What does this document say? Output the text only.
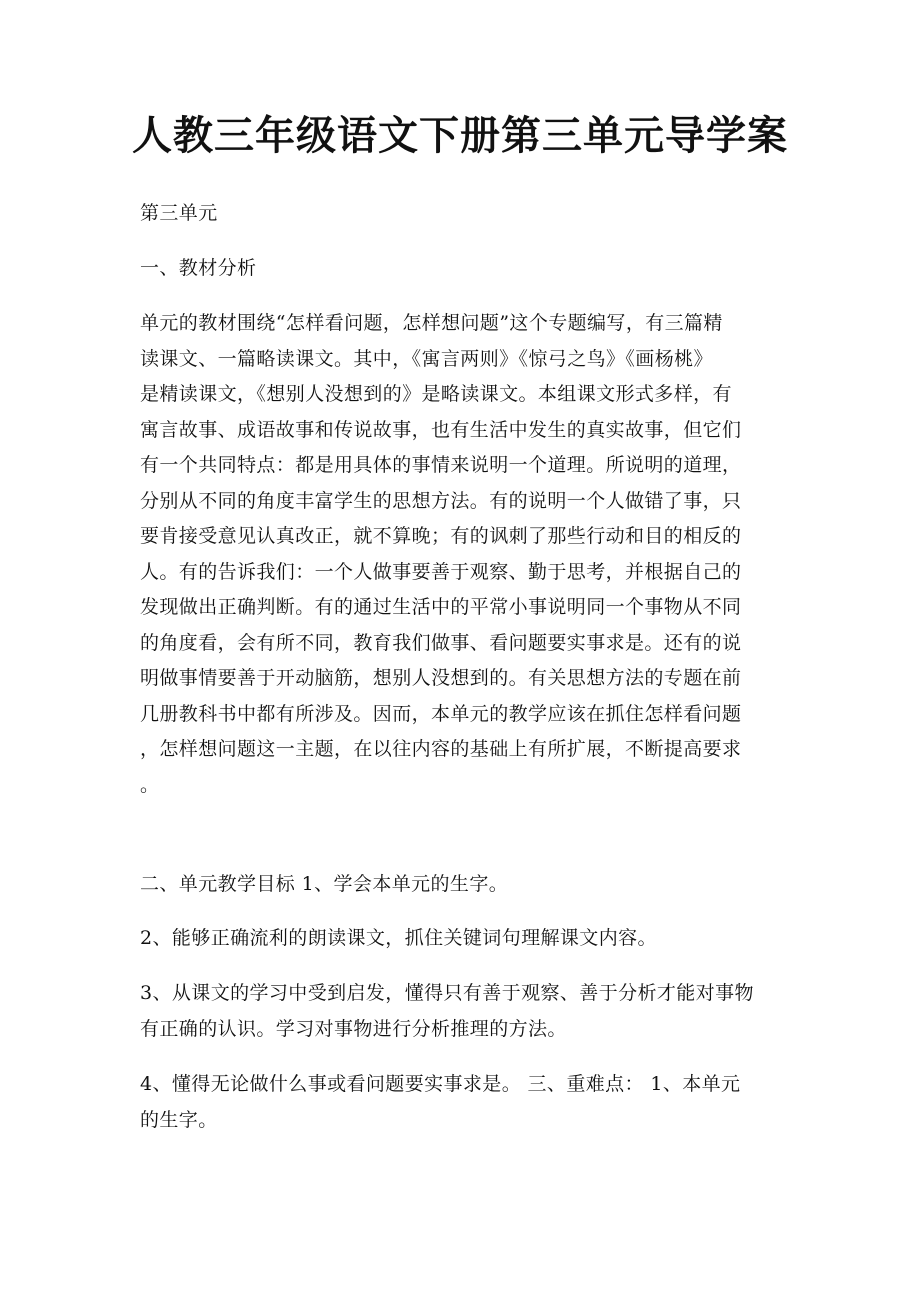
人教三年级语文下册第三单元导学案

第三单元

一、教材分析

单元的教材围绕“怎样看问题，怎样想问题”这个专题编写，有三篇精
读课文、一篇略读课文。其中，《寓言两则》《惊弓之鸟》《画杨桃》
是精读课文，《想别人没想到的》是略读课文。本组课文形式多样，有
寓言故事、成语故事和传说故事，也有生活中发生的真实故事，但它们
有一个共同特点：都是用具体的事情来说明一个道理。所说明的道理，
分别从不同的角度丰富学生的思想方法。有的说明一个人做错了事，只
要肯接受意见认真改正，就不算晚；有的讽刺了那些行动和目的相反的
人。有的告诉我们：一个人做事要善于观察、勤于思考，并根据自己的
发现做出正确判断。有的通过生活中的平常小事说明同一个事物从不同
的角度看，会有所不同，教育我们做事、看问题要实事求是。还有的说
明做事情要善于开动脑筋，想别人没想到的。有关思想方法的专题在前
几册教科书中都有所涉及。因而，本单元的教学应该在抓住怎样看问题
，怎样想问题这一主题，在以往内容的基础上有所扩展，不断提高要求
。

二、单元教学目标 1、学会本单元的生字。

2、能够正确流利的朗读课文，抓住关键词句理解课文内容。

3、从课文的学习中受到启发，懂得只有善于观察、善于分析才能对事物
有正确的认识。学习对事物进行分析推理的方法。
4、懂得无论做什么事或看问题要实事求是。 三、重难点： 1、本单元
的生字。
